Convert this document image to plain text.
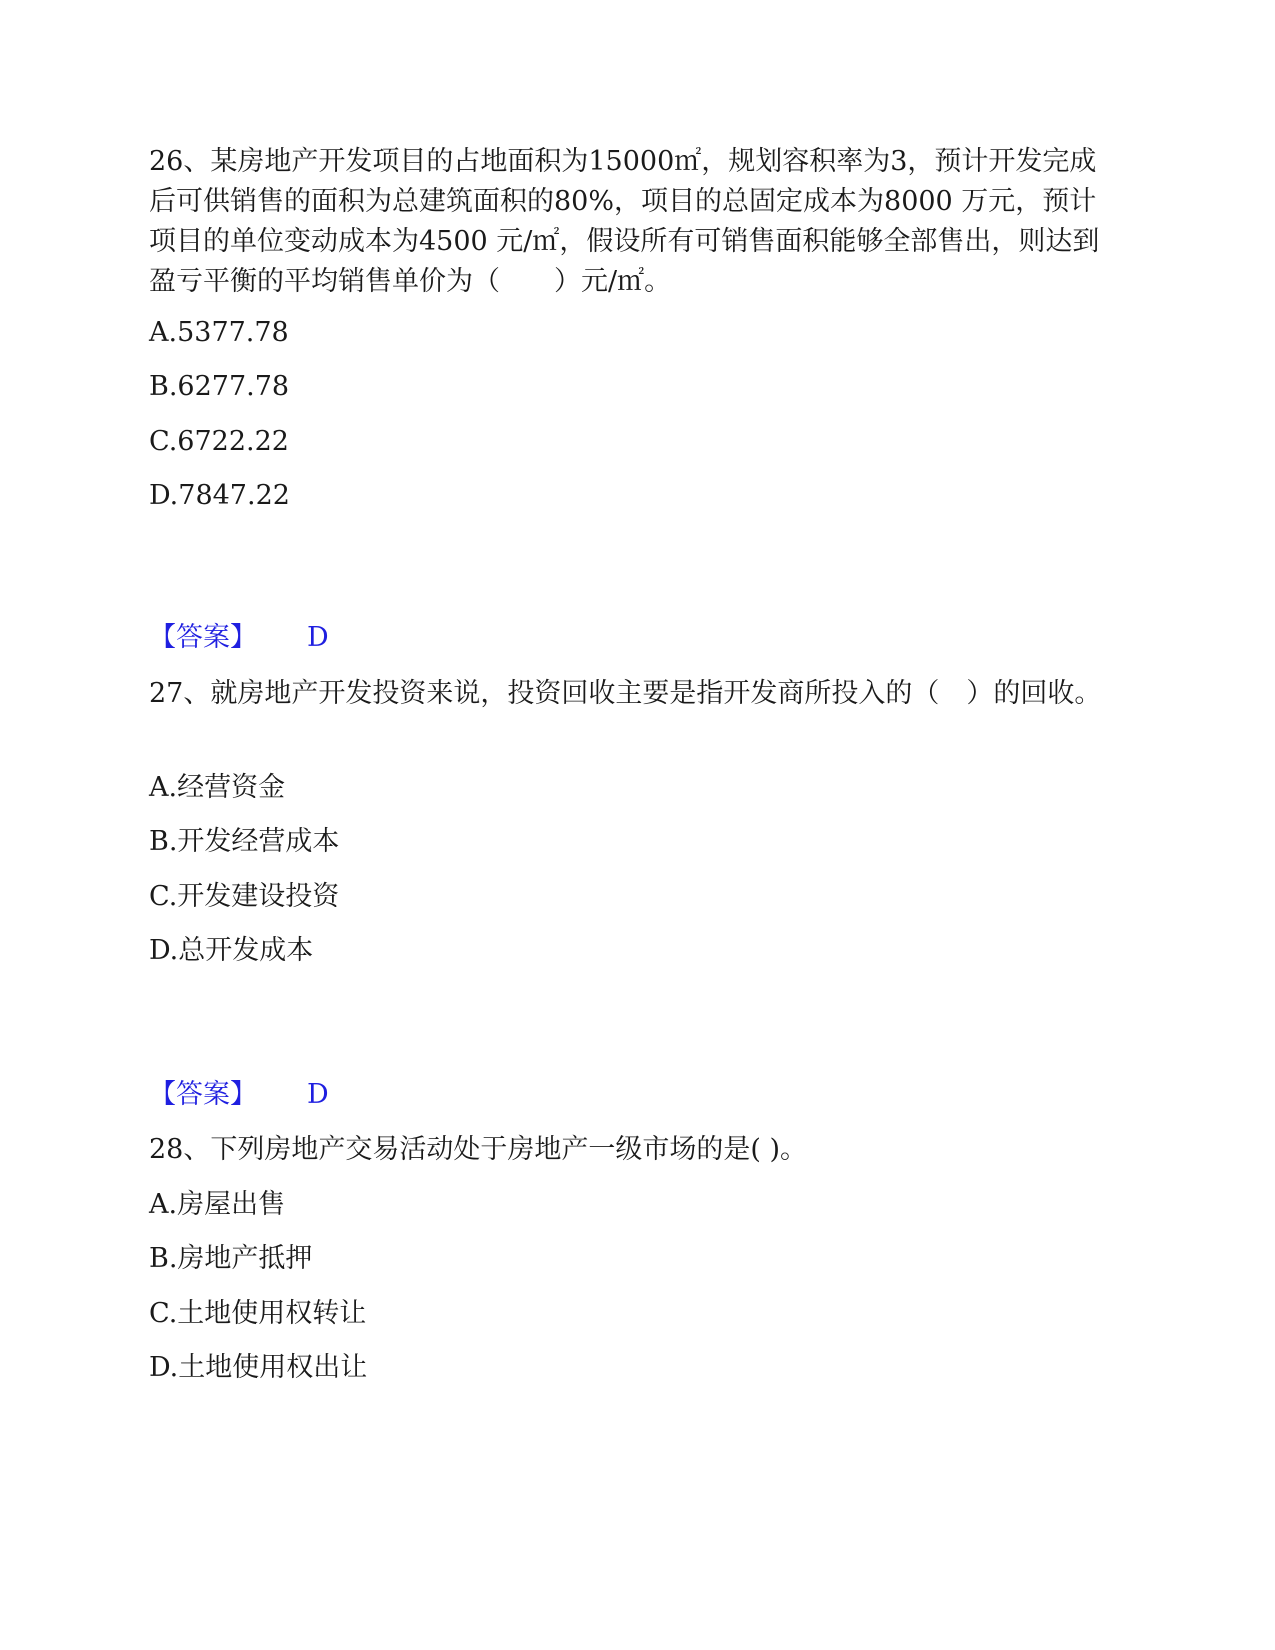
26、某房地产开发项目的占地面积为15000㎡，规划容积率为3，预计开发完成后可供销售的面积为总建筑面积的80%，项目的总固定成本为8000 万元，预计项目的单位变动成本为4500 元/㎡，假设所有可销售面积能够全部售出，则达到盈亏平衡的平均销售单价为（　　）元/㎡。

A.5377.78

B.6277.78

C.6722.22

D.7847.22

【答案】 D

27、就房地产开发投资来说，投资回收主要是指开发商所投入的（　）的回收。

A.经营资金

B.开发经营成本

C.开发建设投资

D.总开发成本

【答案】 D

28、下列房地产交易活动处于房地产一级市场的是( )。

A.房屋出售

B.房地产抵押

C.土地使用权转让

D.土地使用权出让
